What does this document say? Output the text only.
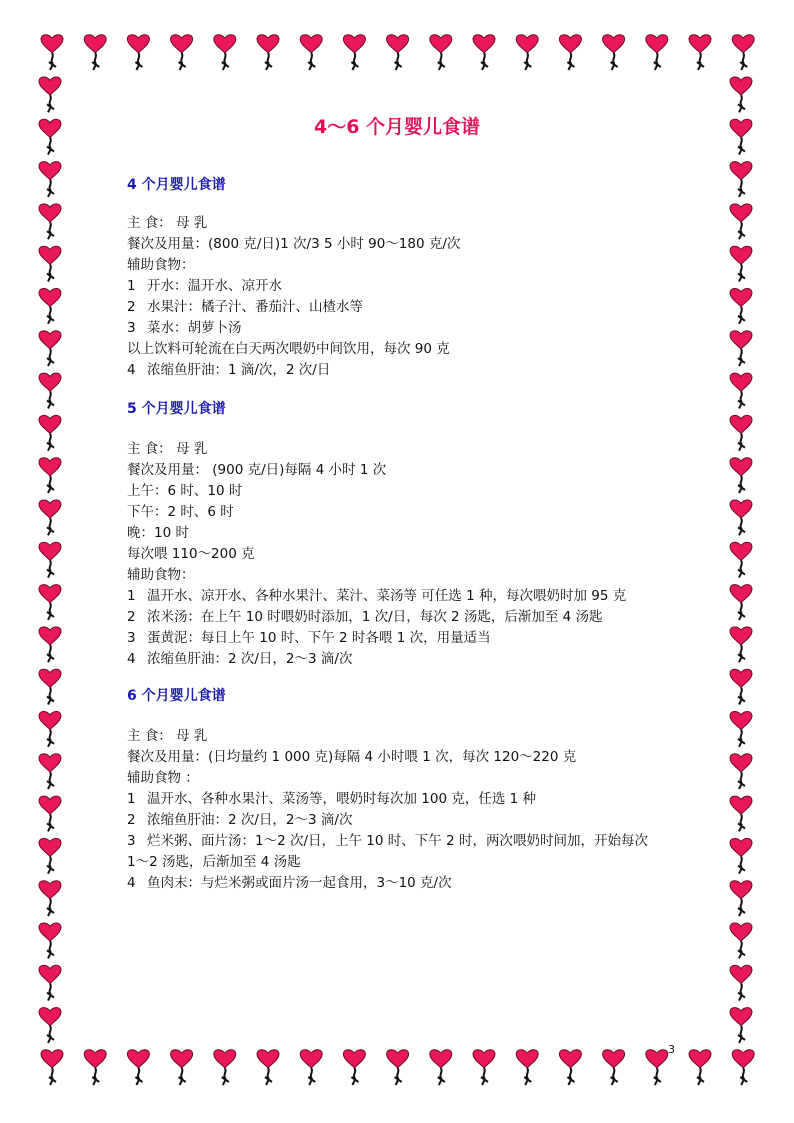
4～6 个月婴儿食谱
4 个月婴儿食谱
主 食： 母 乳
餐次及用量：(800 克/日)1 次/3 5 小时 90～180 克/次
辅助食物：
1 开水：温开水、凉开水
2 水果汁：橘子汁、番茄汁、山楂水等
3 菜水：胡萝卜汤
以上饮料可轮流在白天两次喂奶中间饮用，每次 90 克
4 浓缩鱼肝油：1 滴/次，2 次/日
5 个月婴儿食谱
主 食： 母 乳
餐次及用量： (900 克/日)每隔 4 小时 1 次
上午：6 时、10 时
下午：2 时、6 时
晚：10 时
每次喂 110～200 克
辅助食物：
1 温开水、凉开水、各种水果汁、菜汁、菜汤等 可任选 1 种，每次喂奶时加 95 克
2 浓米汤：在上午 10 时喂奶时添加，1 次/日，每次 2 汤匙，后渐加至 4 汤匙
3 蛋黄泥：每日上午 10 时、下午 2 时各喂 1 次，用量适当
4 浓缩鱼肝油：2 次/日，2～3 滴/次
6 个月婴儿食谱
主 食： 母 乳
餐次及用量：(日均量约 1 000 克)每隔 4 小时喂 1 次，每次 120～220 克
辅助食物 ：
1 温开水、各种水果汁、菜汤等，喂奶时每次加 100 克，任选 1 种
2 浓缩鱼肝油：2 次/日，2～3 滴/次
3 烂米粥、面片汤：1～2 次/日，上午 10 时、下午 2 时，两次喂奶时间加，开始每次
1～2 汤匙，后渐加至 4 汤匙
4 鱼肉末：与烂米粥或面片汤一起食用，3～10 克/次
3
